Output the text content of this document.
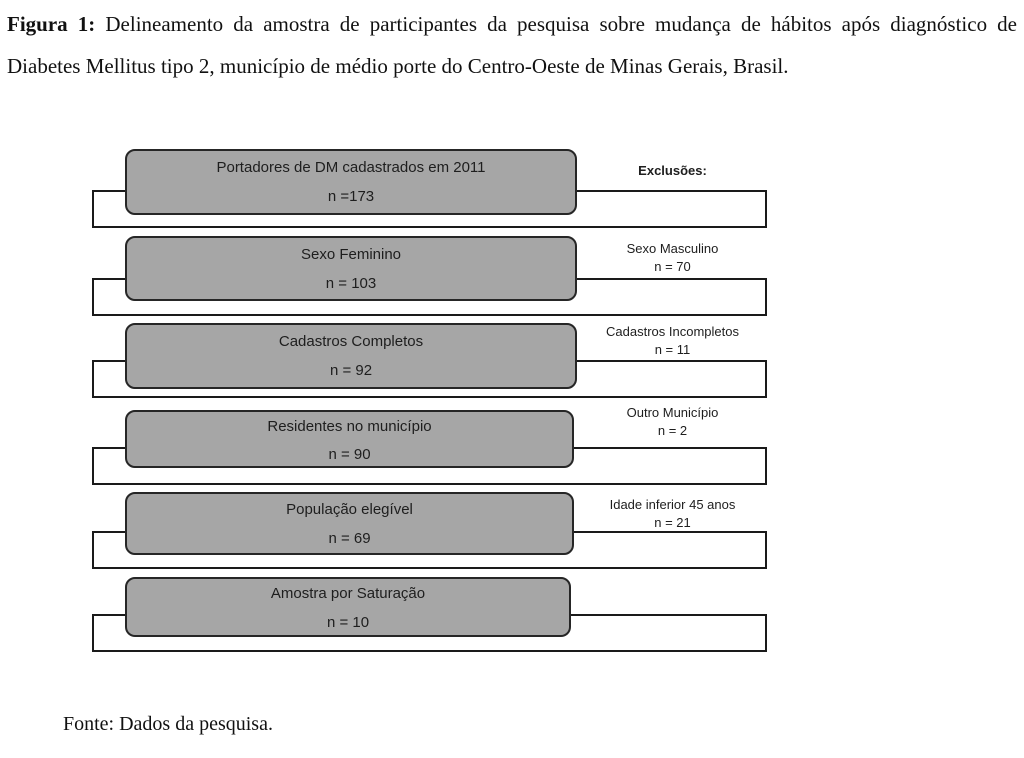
Figura 1: Delineamento da amostra de participantes da pesquisa sobre mudança de hábitos após diagnóstico de Diabetes Mellitus tipo 2, município de médio porte do Centro-Oeste de Minas Gerais, Brasil.

Portadores de DM cadastrados em 2011
n =173
Exclusões:
Sexo Feminino
n = 103
Sexo Masculino
n = 70
Cadastros Completos
n = 92
Cadastros Incompletos
n = 11
Residentes no município
n = 90
Outro Município
n = 2
População elegível
n = 69
Idade inferior 45 anos
n = 21
Amostra por Saturação
n = 10

Fonte: Dados da pesquisa.
